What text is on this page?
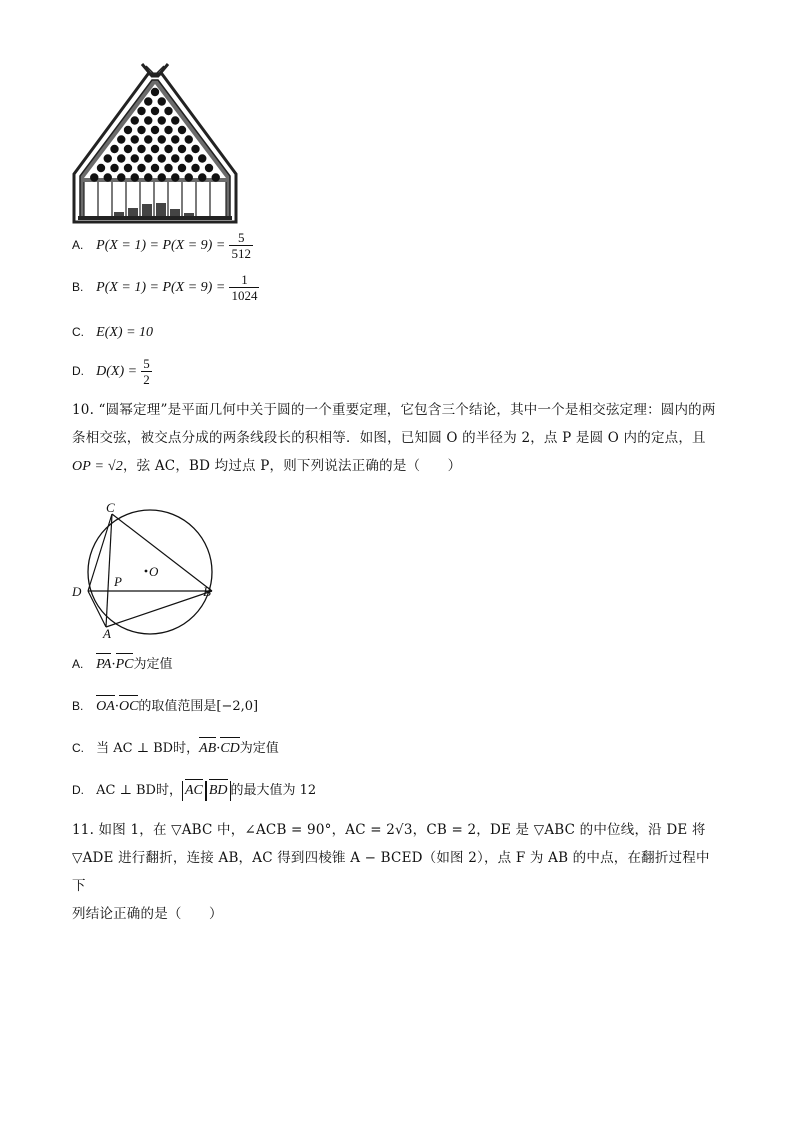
A. $P(X = 1) = P(X = 9) = \frac{5}{512}$
B. $P(X = 1) = P(X = 9) = \frac{1}{1024}$
C. E(X) = 10
D. $D(X) = \frac{5}{2}$
10. “圆幂定理”是平面几何中关于圆的一个重要定理，它包含三个结论，其中一个是相交弦定理：圆内的两
条相交弦，被交点分成的两条线段长的积相等．如图，已知圆 O 的半径为 2，点 P 是圆 O 内的定点，且
OP = √2，弦 AC，BD 均过点 P，则下列说法正确的是（　　）
C
D
P
O
B
A
A. PA·PC为定值
B. OA·OC的取值范围是[−2,0]
C. 当 AC ⊥ BD时，AB·CD为定值
D. AC ⊥ BD时， AC BD 的最大值为 12
11. 如图 1，在 ▽ABC 中，∠ACB = 90°，AC = 2√3，CB = 2，DE 是 ▽ABC 的中位线，沿 DE 将
▽ADE 进行翻折，连接 AB，AC 得到四棱锥 A − BCED（如图 2），点 F 为 AB 的中点，在翻折过程中下
列结论正确的是（　　）
